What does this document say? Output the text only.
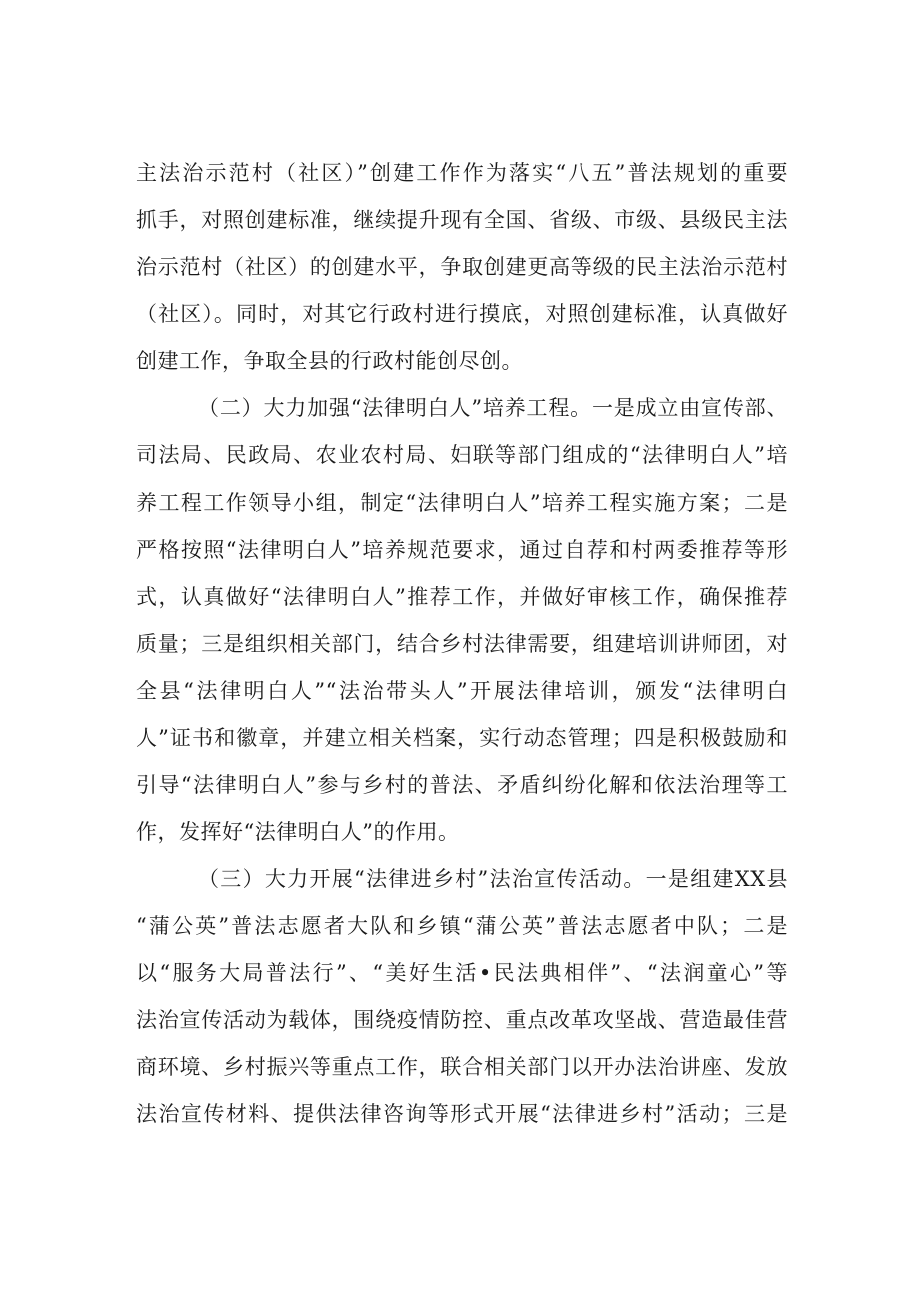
主法治示范村（社区）”创建工作作为落实“八五”普法规划的重要
抓手，对照创建标准，继续提升现有全国、省级、市级、县级民主法
治示范村（社区）的创建水平，争取创建更高等级的民主法治示范村
（社区）。同时，对其它行政村进行摸底，对照创建标准，认真做好
创建工作，争取全县的行政村能创尽创。
（二）大力加强“法律明白人”培养工程。一是成立由宣传部、
司法局、民政局、农业农村局、妇联等部门组成的“法律明白人”培
养工程工作领导小组，制定“法律明白人”培养工程实施方案；二是
严格按照“法律明白人”培养规范要求，通过自荐和村两委推荐等形
式，认真做好“法律明白人”推荐工作，并做好审核工作，确保推荐
质量；三是组织相关部门，结合乡村法律需要，组建培训讲师团，对
全县“法律明白人”“法治带头人”开展法律培训，颁发“法律明白
人”证书和徽章，并建立相关档案，实行动态管理；四是积极鼓励和
引导“法律明白人”参与乡村的普法、矛盾纠纷化解和依法治理等工
作，发挥好“法律明白人”的作用。
（三）大力开展“法律进乡村”法治宣传活动。一是组建XX县
“蒲公英”普法志愿者大队和乡镇“蒲公英”普法志愿者中队；二是
以“服务大局普法行”、“美好生活•民法典相伴”、“法润童心”等
法治宣传活动为载体，围绕疫情防控、重点改革攻坚战、营造最佳营
商环境、乡村振兴等重点工作，联合相关部门以开办法治讲座、发放
法治宣传材料、提供法律咨询等形式开展“法律进乡村”活动；三是
